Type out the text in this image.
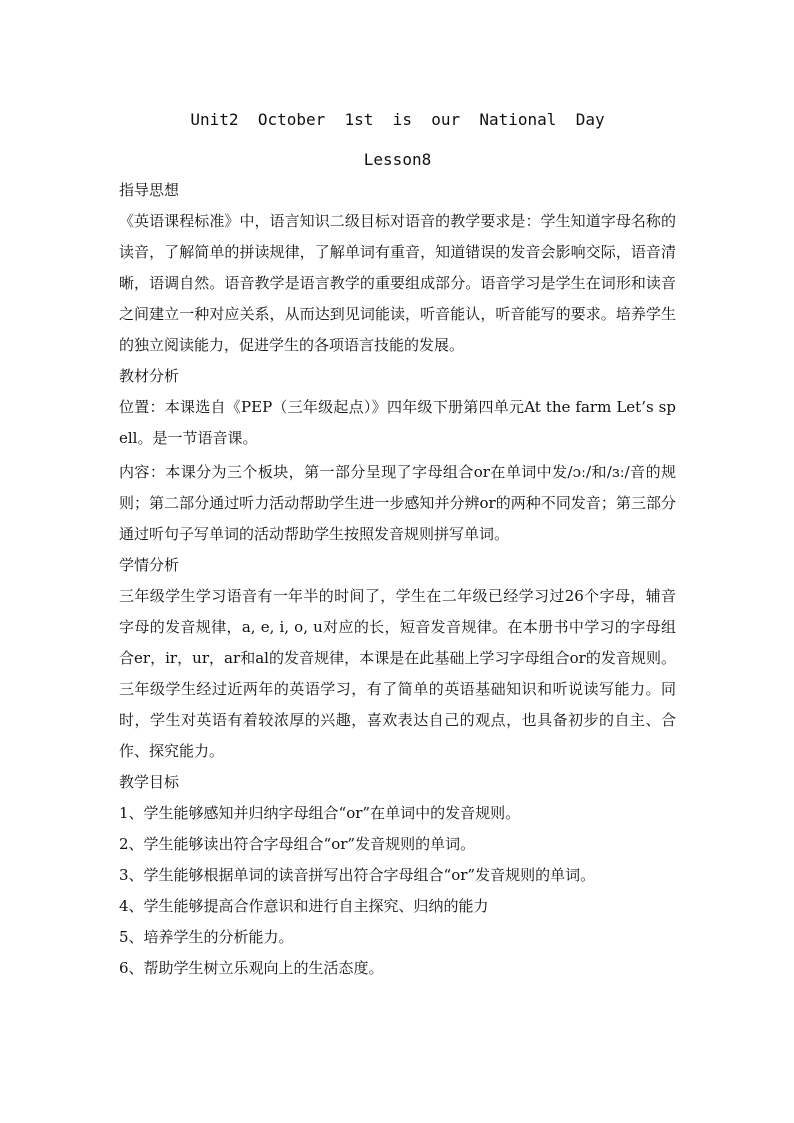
Unit2  October  1st  is  our  National  Day
Lesson8
指导思想
《英语课程标准》中，语言知识二级目标对语音的教学要求是：学生知道字母名称的读音，了解简单的拼读规律，了解单词有重音，知道错误的发音会影响交际，语音清晰，语调自然。语音教学是语言教学的重要组成部分。语音学习是学生在词形和读音之间建立一种对应关系，从而达到见词能读，听音能认，听音能写的要求。培养学生的独立阅读能力，促进学生的各项语言技能的发展。
教材分析
位置：本课选自《PEP（三年级起点）》四年级下册第四单元At the farm Let’s spell。是一节语音课。
内容：本课分为三个板块，第一部分呈现了字母组合or在单词中发/ɔː/和/ɜː/音的规则；第二部分通过听力活动帮助学生进一步感知并分辨or的两种不同发音；第三部分通过听句子写单词的活动帮助学生按照发音规则拼写单词。
学情分析
三年级学生学习语音有一年半的时间了，学生在二年级已经学习过26个字母，辅音字母的发音规律，a, e, i, o, u对应的长，短音发音规律。在本册书中学习的字母组合er，ir，ur，ar和al的发音规律，本课是在此基础上学习字母组合or的发音规则。 三年级学生经过近两年的英语学习，有了简单的英语基础知识和听说读写能力。同时，学生对英语有着较浓厚的兴趣，喜欢表达自己的观点，也具备初步的自主、合作、探究能力。
教学目标
1、学生能够感知并归纳字母组合“or”在单词中的发音规则。
2、学生能够读出符合字母组合“or”发音规则的单词。
3、学生能够根据单词的读音拼写出符合字母组合“or”发音规则的单词。
4、学生能够提高合作意识和进行自主探究、归纳的能力
5、培养学生的分析能力。
6、帮助学生树立乐观向上的生活态度。
